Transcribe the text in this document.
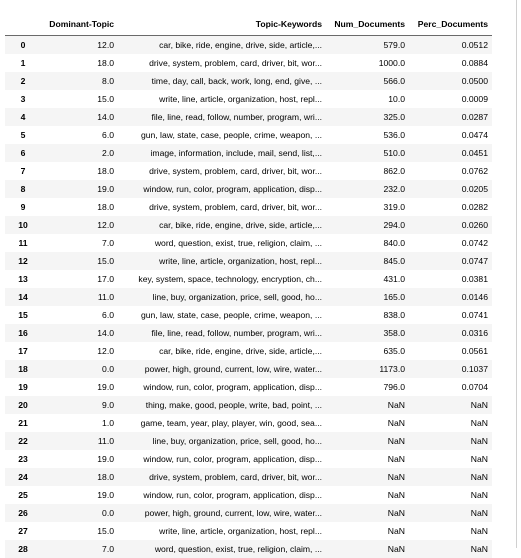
	Dominant-Topic	Topic-Keywords	Num_Documents	Perc_Documents
0	12.0	car, bike, ride, engine, drive, side, article,...	579.0	0.0512
1	18.0	drive, system, problem, card, driver, bit, wor...	1000.0	0.0884
2	8.0	time, day, call, back, work, long, end, give, ...	566.0	0.0500
3	15.0	write, line, article, organization, host, repl...	10.0	0.0009
4	14.0	file, line, read, follow, number, program, wri...	325.0	0.0287
5	6.0	gun, law, state, case, people, crime, weapon, ...	536.0	0.0474
6	2.0	image, information, include, mail, send, list,...	510.0	0.0451
7	18.0	drive, system, problem, card, driver, bit, wor...	862.0	0.0762
8	19.0	window, run, color, program, application, disp...	232.0	0.0205
9	18.0	drive, system, problem, card, driver, bit, wor...	319.0	0.0282
10	12.0	car, bike, ride, engine, drive, side, article,...	294.0	0.0260
11	7.0	word, question, exist, true, religion, claim, ...	840.0	0.0742
12	15.0	write, line, article, organization, host, repl...	845.0	0.0747
13	17.0	key, system, space, technology, encryption, ch...	431.0	0.0381
14	11.0	line, buy, organization, price, sell, good, ho...	165.0	0.0146
15	6.0	gun, law, state, case, people, crime, weapon, ...	838.0	0.0741
16	14.0	file, line, read, follow, number, program, wri...	358.0	0.0316
17	12.0	car, bike, ride, engine, drive, side, article,...	635.0	0.0561
18	0.0	power, high, ground, current, low, wire, water...	1173.0	0.1037
19	19.0	window, run, color, program, application, disp...	796.0	0.0704
20	9.0	thing, make, good, people, write, bad, point, ...	NaN	NaN
21	1.0	game, team, year, play, player, win, good, sea...	NaN	NaN
22	11.0	line, buy, organization, price, sell, good, ho...	NaN	NaN
23	19.0	window, run, color, program, application, disp...	NaN	NaN
24	18.0	drive, system, problem, card, driver, bit, wor...	NaN	NaN
25	19.0	window, run, color, program, application, disp...	NaN	NaN
26	0.0	power, high, ground, current, low, wire, water...	NaN	NaN
27	15.0	write, line, article, organization, host, repl...	NaN	NaN
28	7.0	word, question, exist, true, religion, claim, ...	NaN	NaN
